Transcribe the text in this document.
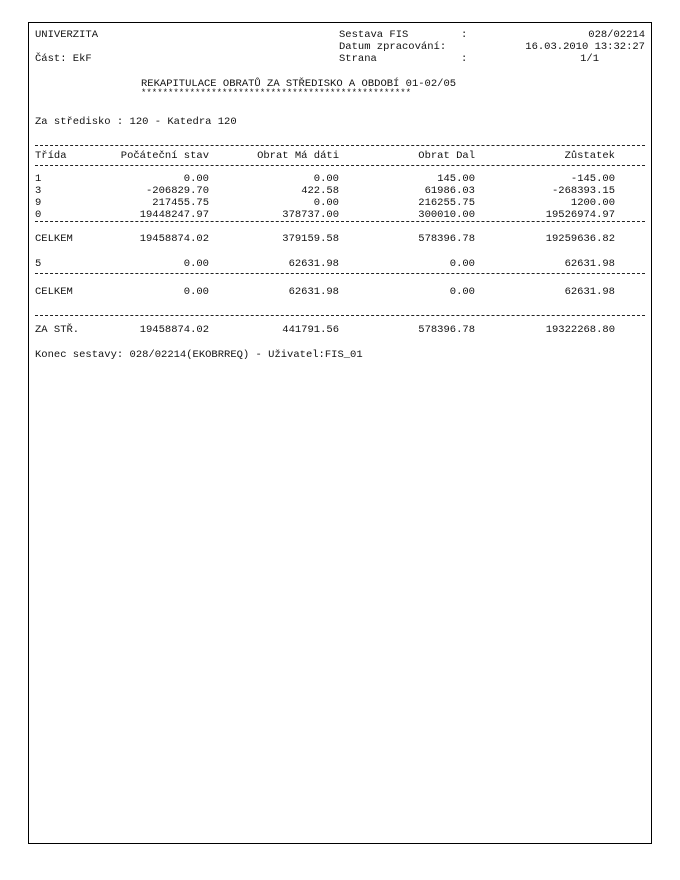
UNIVERZITA
Část: EkF
Sestava FIS	:	028/02214
Datum zpracování:	16.03.2010 13:32:27
Strana	:	1/1
REKAPITULACE OBRATŮ ZA STŘEDISKO A OBDOBÍ 01-02/05
**************************************************
Za středisko : 120 - Katedra 120
Třída	Počáteční stav	Obrat Má dáti	Obrat Dal	Zůstatek
1	0.00	0.00	145.00	-145.00
3	-206829.70	422.58	61986.03	-268393.15
9	217455.75	0.00	216255.75	1200.00
0	19448247.97	378737.00	300010.00	19526974.97
CELKEM	19458874.02	379159.58	578396.78	19259636.82
5	0.00	62631.98	0.00	62631.98
CELKEM	0.00	62631.98	0.00	62631.98
ZA STŘ.	19458874.02	441791.56	578396.78	19322268.80
Konec sestavy: 028/02214(EKOBRREQ) - Uživatel:FIS_01
